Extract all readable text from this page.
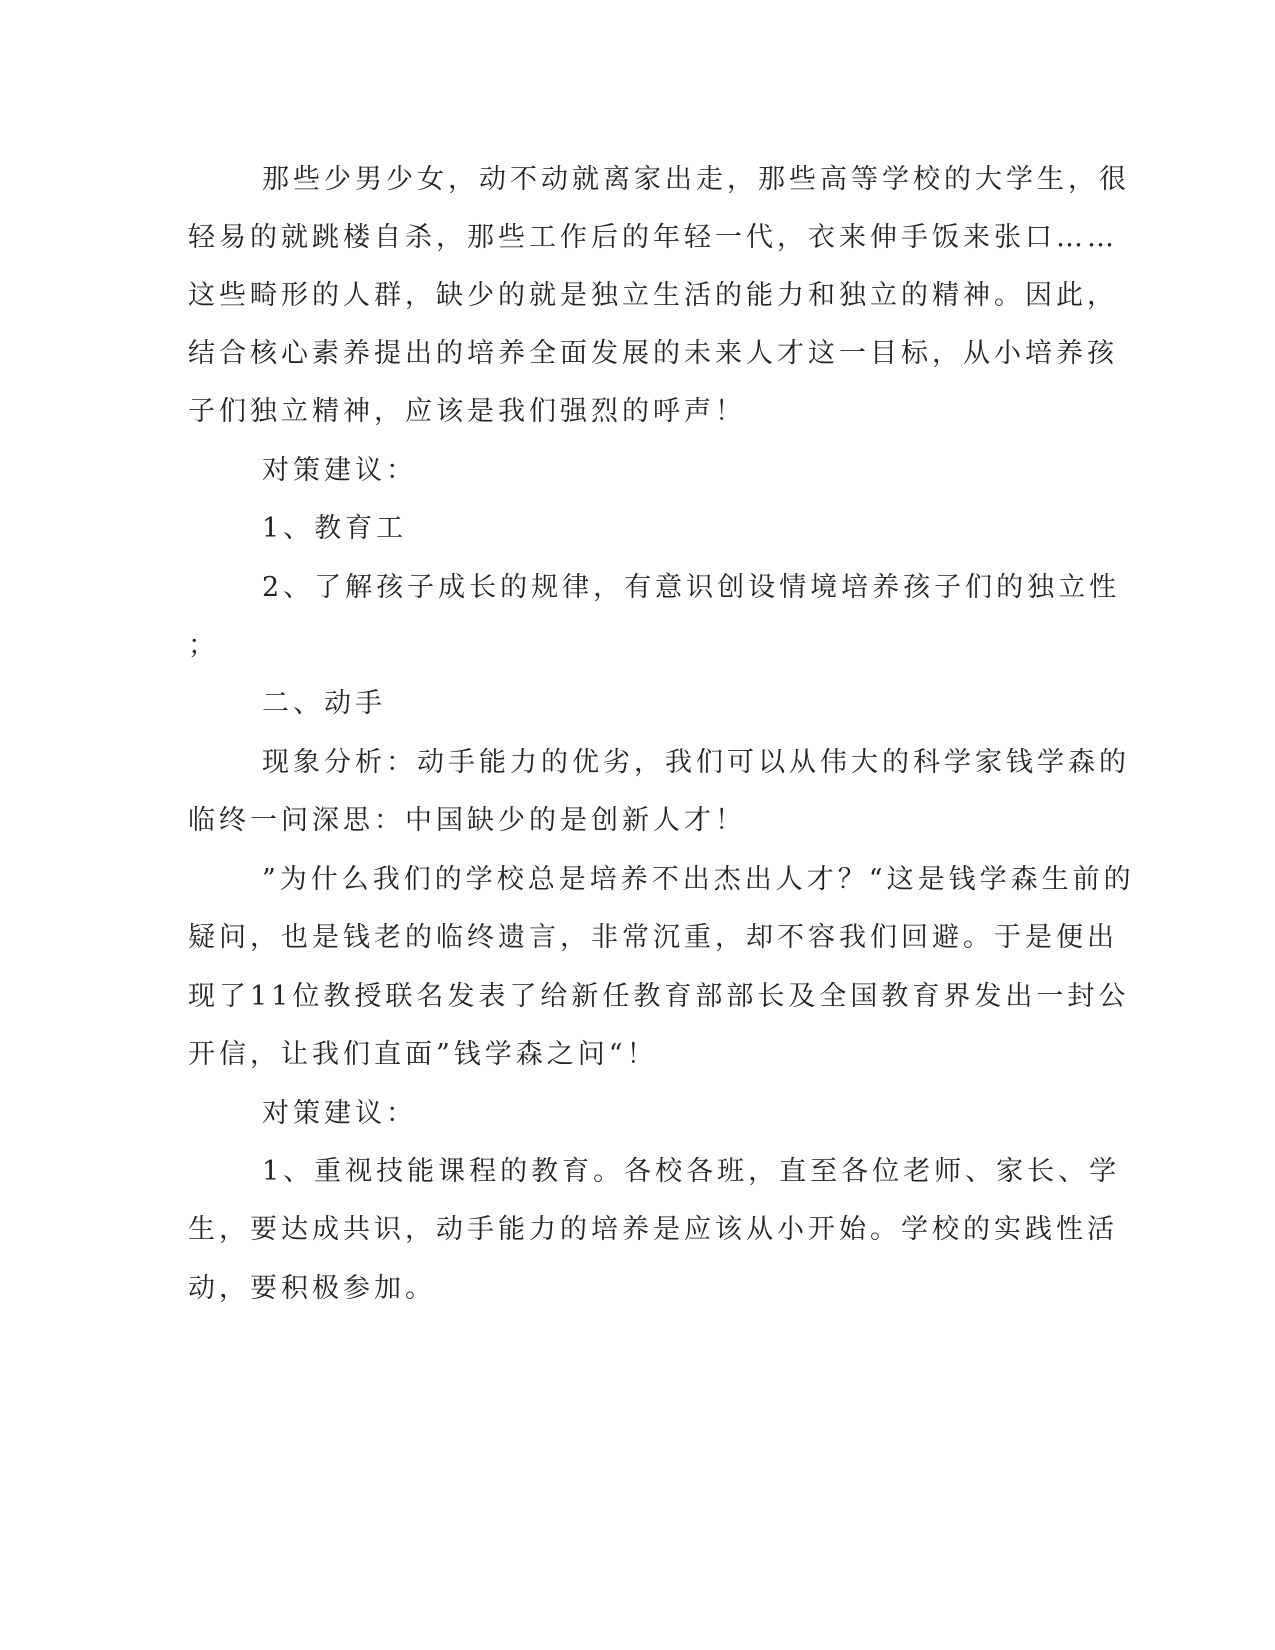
那些少男少女，动不动就离家出走，那些高等学校的大学生，很
轻易的就跳楼自杀，那些工作后的年轻一代，衣来伸手饭来张口……
这些畸形的人群，缺少的就是独立生活的能力和独立的精神。因此，
结合核心素养提出的培养全面发展的未来人才这一目标，从小培养孩
子们独立精神，应该是我们强烈的呼声！
对策建议：
1、教育工
2、了解孩子成长的规律，有意识创设情境培养孩子们的独立性
；
二、动手
现象分析：动手能力的优劣，我们可以从伟大的科学家钱学森的
临终一问深思：中国缺少的是创新人才！
”为什么我们的学校总是培养不出杰出人才？“这是钱学森生前的
疑问，也是钱老的临终遗言，非常沉重，却不容我们回避。于是便出
现了11位教授联名发表了给新任教育部部长及全国教育界发出一封公
开信，让我们直面”钱学森之问“！
对策建议：
1、重视技能课程的教育。各校各班，直至各位老师、家长、学
生，要达成共识，动手能力的培养是应该从小开始。学校的实践性活
动，要积极参加。
